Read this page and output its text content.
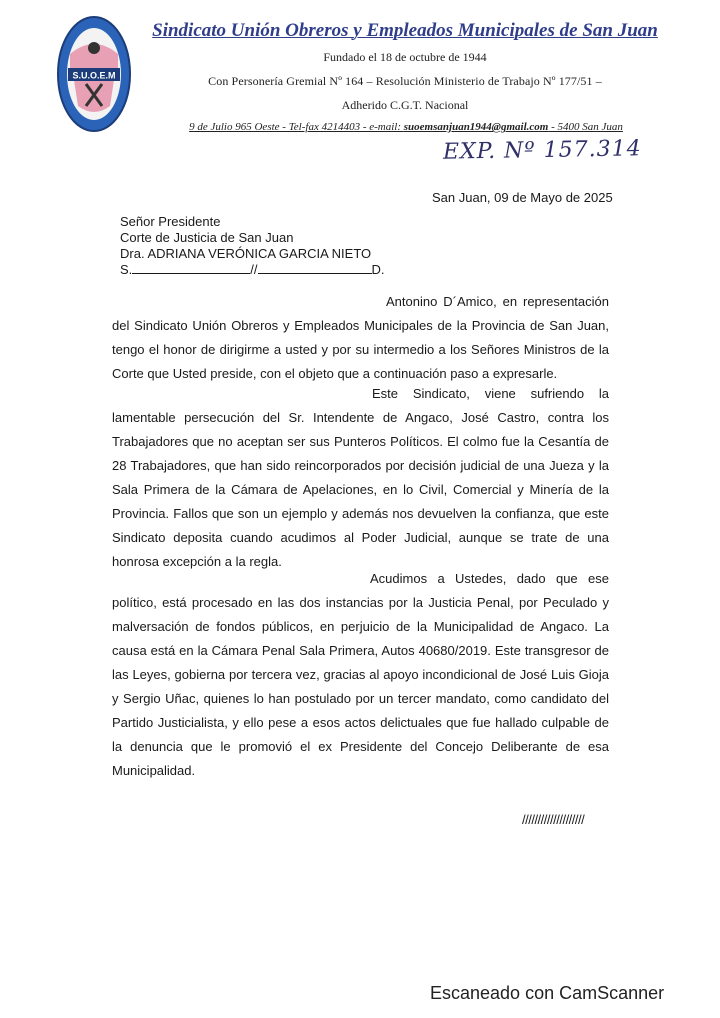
S.U.O.E.M
Sindicato Unión Obreros y Empleados Municipales de San Juan
Fundado el 18 de octubre de 1944
Con Personería Gremial Nº 164 – Resolución Ministerio de Trabajo Nº 177/51 –
Adherido C.G.T. Nacional
9 de Julio 965 Oeste - Tel-fax 4214403 - e-mail: suoemsanjuan1944@gmail.com - 5400 San Juan
EXP. Nº 157.314
San Juan, 09 de Mayo de 2025
Señor Presidente
Corte de Justicia de San Juan
Dra. ADRIANA VERÓNICA GARCIA NIETO
S.	//	D.
Antonino D´Amico, en representación del Sindicato Unión Obreros y Empleados Municipales de la Provincia de San Juan, tengo el honor de dirigirme a usted y por su intermedio a los Señores Ministros de la Corte que Usted preside, con el objeto que a continuación paso a expresarle.
Este Sindicato, viene sufriendo la lamentable persecución del Sr. Intendente de Angaco, José Castro, contra los Trabajadores que no aceptan ser sus Punteros Políticos. El colmo fue la Cesantía de 28 Trabajadores, que han sido reincorporados por decisión judicial de una Jueza y la Sala Primera de la Cámara de Apelaciones, en lo Civil, Comercial y Minería de la Provincia. Fallos que son un ejemplo y además nos devuelven la confianza, que este Sindicato deposita cuando acudimos al Poder Judicial, aunque se trate de una honrosa excepción a la regla.
Acudimos a Ustedes, dado que ese político, está procesado en las dos instancias por la Justicia Penal, por Peculado y malversación de fondos públicos, en perjuicio de la Municipalidad de Angaco. La causa está en la Cámara Penal Sala Primera, Autos 40680/2019. Este transgresor de las Leyes, gobierna por tercera vez, gracias al apoyo incondicional de José Luis Gioja y Sergio Uñac, quienes lo han postulado por un tercer mandato, como candidato del Partido Justicialista, y ello pese a esos actos delictuales que fue hallado culpable de la denuncia que le promovió el ex Presidente del Concejo Deliberante de esa Municipalidad.
////////////////////
Escaneado con CamScanner
